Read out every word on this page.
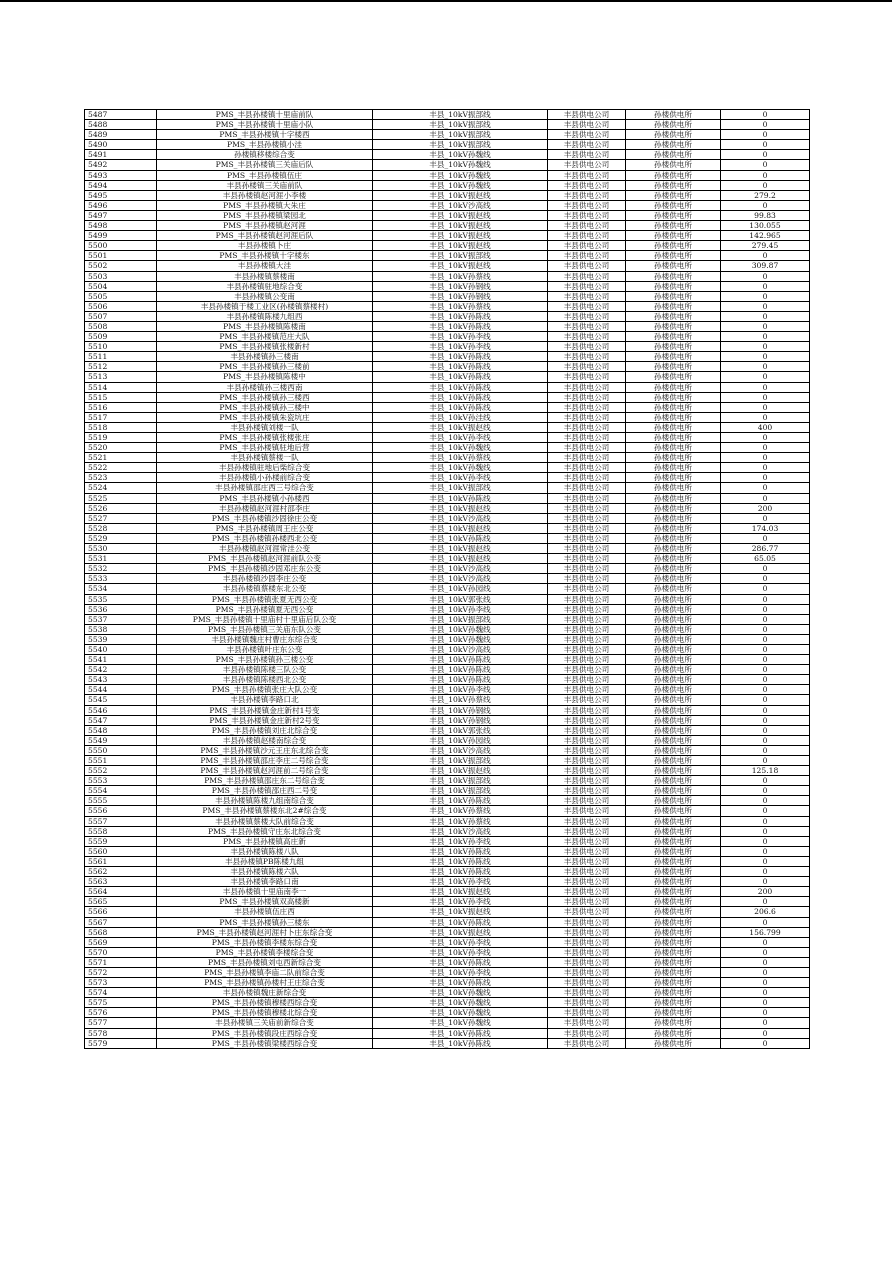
5487	PMS_丰县孙楼镇十里庙前队	丰县_10kV振部线	丰县供电公司	孙楼供电所	0
5488	PMS_丰县孙楼镇十里庙小队	丰县_10kV振部线	丰县供电公司	孙楼供电所	0
5489	PMS_丰县孙楼镇十字楼西	丰县_10kV振部线	丰县供电公司	孙楼供电所	0
5490	PMS_丰县孙楼镇小洼	丰县_10kV振部线	丰县供电公司	孙楼供电所	0
5491	孙楼镇移楼综合变	丰县_10kV孙魏线	丰县供电公司	孙楼供电所	0
5492	PMS_丰县孙楼镇三关庙后队	丰县_10kV孙魏线	丰县供电公司	孙楼供电所	0
5493	PMS_丰县孙楼镇伍庄	丰县_10kV孙魏线	丰县供电公司	孙楼供电所	0
5494	丰县孙楼镇三关庙前队	丰县_10kV孙魏线	丰县供电公司	孙楼供电所	0
5495	丰县孙楼镇赵河涯小李楼	丰县_10kV振赵线	丰县供电公司	孙楼供电所	279.2
5496	PMS_丰县孙楼镇大朱庄	丰县_10kV沙高线	丰县供电公司	孙楼供电所	0
5497	PMS_丰县孙楼镇梁园北	丰县_10kV振赵线	丰县供电公司	孙楼供电所	99.83
5498	PMS_丰县孙楼镇赵河涯	丰县_10kV振赵线	丰县供电公司	孙楼供电所	130.055
5499	PMS_丰县孙楼镇赵河涯后队	丰县_10kV振赵线	丰县供电公司	孙楼供电所	142.965
5500	丰县孙楼镇卜庄	丰县_10kV振赵线	丰县供电公司	孙楼供电所	279.45
5501	PMS_丰县孙楼镇十字楼东	丰县_10kV振部线	丰县供电公司	孙楼供电所	0
5502	丰县孙楼镇大洼	丰县_10kV振赵线	丰县供电公司	孙楼供电所	309.87
5503	丰县孙楼镇蔡楼南	丰县_10kV孙蔡线	丰县供电公司	孙楼供电所	0
5504	丰县孙楼镇驻地综合变	丰县_10kV孙钢线	丰县供电公司	孙楼供电所	0
5505	丰县孙楼镇公变南	丰县_10kV孙钢线	丰县供电公司	孙楼供电所	0
5506	丰县孙楼镇于楼工业区(孙楼镇蔡楼村)	丰县_10kV孙蔡线	丰县供电公司	孙楼供电所	0
5507	丰县孙楼镇陈楼九组西	丰县_10kV孙陈线	丰县供电公司	孙楼供电所	0
5508	PMS_丰县孙楼镇陈楼南	丰县_10kV孙陈线	丰县供电公司	孙楼供电所	0
5509	PMS_丰县孙楼镇范庄大队	丰县_10kV孙李线	丰县供电公司	孙楼供电所	0
5510	PMS_丰县孙楼镇张楼新村	丰县_10kV孙李线	丰县供电公司	孙楼供电所	0
5511	丰县孙楼镇孙三楼南	丰县_10kV孙陈线	丰县供电公司	孙楼供电所	0
5512	PMS_丰县孙楼镇孙三楼前	丰县_10kV孙陈线	丰县供电公司	孙楼供电所	0
5513	PMS_丰县孙楼镇陈楼中	丰县_10kV孙陈线	丰县供电公司	孙楼供电所	0
5514	丰县孙楼镇孙三楼西南	丰县_10kV孙陈线	丰县供电公司	孙楼供电所	0
5515	PMS_丰县孙楼镇孙三楼西	丰县_10kV孙陈线	丰县供电公司	孙楼供电所	0
5516	PMS_丰县孙楼镇孙三楼中	丰县_10kV孙陈线	丰县供电公司	孙楼供电所	0
5517	PMS_丰县孙楼镇朱瓷坑庄	丰县_10kV孙洼线	丰县供电公司	孙楼供电所	0
5518	丰县孙楼镇刘楼一队	丰县_10kV振赵线	丰县供电公司	孙楼供电所	400
5519	PMS_丰县孙楼镇张楼张庄	丰县_10kV孙李线	丰县供电公司	孙楼供电所	0
5520	PMS_丰县孙楼镇驻地后营	丰县_10kV孙魏线	丰县供电公司	孙楼供电所	0
5521	丰县孙楼镇蔡楼一队	丰县_10kV孙蔡线	丰县供电公司	孙楼供电所	0
5522	丰县孙楼镇驻地后柴综合变	丰县_10kV孙魏线	丰县供电公司	孙楼供电所	0
5523	丰县孙楼镇小孙楼前综合变	丰县_10kV孙李线	丰县供电公司	孙楼供电所	0
5524	丰县孙楼镇邵庄西三号综合变	丰县_10kV振部线	丰县供电公司	孙楼供电所	0
5525	PMS_丰县孙楼镇小孙楼西	丰县_10kV孙陈线	丰县供电公司	孙楼供电所	0
5526	丰县孙楼镇赵河涯村邵李庄	丰县_10kV振赵线	丰县供电公司	孙楼供电所	200
5527	PMS_丰县孙楼镇沙固徐庄公变	丰县_10kV沙高线	丰县供电公司	孙楼供电所	0
5528	PMS_丰县孙楼镇周王庄公变	丰县_10kV振赵线	丰县供电公司	孙楼供电所	174.03
5529	PMS_丰县孙楼镇孙楼西北公变	丰县_10kV孙陈线	丰县供电公司	孙楼供电所	0
5530	丰县孙楼镇赵河涯常洼公变	丰县_10kV振赵线	丰县供电公司	孙楼供电所	286.77
5531	PMS_丰县孙楼镇赵河涯前队公变	丰县_10kV振赵线	丰县供电公司	孙楼供电所	65.05
5532	PMS_丰县孙楼镇沙固邓庄东公变	丰县_10kV沙高线	丰县供电公司	孙楼供电所	0
5533	丰县孙楼镇沙固李庄公变	丰县_10kV沙高线	丰县供电公司	孙楼供电所	0
5534	丰县孙楼镇蔡楼东北公变	丰县_10kV孙园线	丰县供电公司	孙楼供电所	0
5535	PMS_丰县孙楼镇张夏无西公变	丰县_10kV郭张线	丰县供电公司	孙楼供电所	0
5536	PMS_丰县孙楼镇夏无西公变	丰县_10kV孙李线	丰县供电公司	孙楼供电所	0
5537	PMS_丰县孙楼镇十里庙村十里庙后队公变	丰县_10kV振部线	丰县供电公司	孙楼供电所	0
5538	PMS_丰县孙楼镇三关庙东队公变	丰县_10kV孙魏线	丰县供电公司	孙楼供电所	0
5539	丰县孙楼镇魏庄村曹庄东综合变	丰县_10kV孙魏线	丰县供电公司	孙楼供电所	0
5540	丰县孙楼镇叶庄东公变	丰县_10kV沙高线	丰县供电公司	孙楼供电所	0
5541	PMS_丰县孙楼镇孙三楼公变	丰县_10kV孙陈线	丰县供电公司	孙楼供电所	0
5542	丰县孙楼镇陈楼三队公变	丰县_10kV孙陈线	丰县供电公司	孙楼供电所	0
5543	丰县孙楼镇陈楼西北公变	丰县_10kV孙陈线	丰县供电公司	孙楼供电所	0
5544	PMS_丰县孙楼镇张庄大队公变	丰县_10kV孙李线	丰县供电公司	孙楼供电所	0
5545	丰县孙楼镇李路口北	丰县_10kV孙蔡线	丰县供电公司	孙楼供电所	0
5546	PMS_丰县孙楼镇金庄新村1号变	丰县_10kV孙钢线	丰县供电公司	孙楼供电所	0
5547	PMS_丰县孙楼镇金庄新村2号变	丰县_10kV孙钢线	丰县供电公司	孙楼供电所	0
5548	PMS_丰县孙楼镇刘庄北综合变	丰县_10kV郭张线	丰县供电公司	孙楼供电所	0
5549	丰县孙楼镇赵楼南综合变	丰县_10kV孙园线	丰县供电公司	孙楼供电所	0
5550	PMS_丰县孙楼镇沙元王庄东北综合变	丰县_10kV沙高线	丰县供电公司	孙楼供电所	0
5551	PMS_丰县孙楼镇邵庄李庄二号综合变	丰县_10kV振部线	丰县供电公司	孙楼供电所	0
5552	PMS_丰县孙楼镇赵河涯前二号综合变	丰县_10kV振赵线	丰县供电公司	孙楼供电所	125.18
5553	PMS_丰县孙楼镇邵庄东二号综合变	丰县_10kV振部线	丰县供电公司	孙楼供电所	0
5554	PMS_丰县孙楼镇邵庄西二号变	丰县_10kV振部线	丰县供电公司	孙楼供电所	0
5555	丰县孙楼镇陈楼九组南综合变	丰县_10kV孙陈线	丰县供电公司	孙楼供电所	0
5556	PMS_丰县孙楼镇蔡楼东北2#综合变	丰县_10kV孙蔡线	丰县供电公司	孙楼供电所	0
5557	丰县孙楼镇蔡楼大队前综合变	丰县_10kV孙蔡线	丰县供电公司	孙楼供电所	0
5558	PMS_丰县孙楼镇守庄东北综合变	丰县_10kV沙高线	丰县供电公司	孙楼供电所	0
5559	PMS_丰县孙楼镇高庄新	丰县_10kV孙李线	丰县供电公司	孙楼供电所	0
5560	丰县孙楼镇陈楼八队	丰县_10kV孙陈线	丰县供电公司	孙楼供电所	0
5561	丰县孙楼镇PB陈楼九组	丰县_10kV孙陈线	丰县供电公司	孙楼供电所	0
5562	丰县孙楼镇陈楼六队	丰县_10kV孙陈线	丰县供电公司	孙楼供电所	0
5563	丰县孙楼镇李路口南	丰县_10kV孙李线	丰县供电公司	孙楼供电所	0
5564	丰县孙楼镇十里庙南李一	丰县_10kV振赵线	丰县供电公司	孙楼供电所	200
5565	PMS_丰县孙楼镇双高楼新	丰县_10kV孙李线	丰县供电公司	孙楼供电所	0
5566	丰县孙楼镇伍庄西	丰县_10kV振赵线	丰县供电公司	孙楼供电所	206.6
5567	PMS_丰县孙楼镇孙三楼东	丰县_10kV孙陈线	丰县供电公司	孙楼供电所	0
5568	PMS_丰县孙楼镇赵河涯村卜庄东综合变	丰县_10kV振赵线	丰县供电公司	孙楼供电所	156.799
5569	PMS_丰县孙楼镇李楼东综合变	丰县_10kV孙李线	丰县供电公司	孙楼供电所	0
5570	PMS_丰县孙楼镇李楼综合变	丰县_10kV孙李线	丰县供电公司	孙楼供电所	0
5571	PMS_丰县孙楼镇刘屯西新综合变	丰县_10kV孙陈线	丰县供电公司	孙楼供电所	0
5572	PMS_丰县孙楼镇李庙二队前综合变	丰县_10kV孙李线	丰县供电公司	孙楼供电所	0
5573	PMS_丰县孙楼镇孙楼村王庄综合变	丰县_10kV孙陈线	丰县供电公司	孙楼供电所	0
5574	丰县孙楼镇魏庄新综合变	丰县_10kV孙魏线	丰县供电公司	孙楼供电所	0
5575	PMS_丰县孙楼镇穆楼西综合变	丰县_10kV孙魏线	丰县供电公司	孙楼供电所	0
5576	PMS_丰县孙楼镇穆楼北综合变	丰县_10kV孙魏线	丰县供电公司	孙楼供电所	0
5577	丰县孙楼镇三关庙前新综合变	丰县_10kV孙魏线	丰县供电公司	孙楼供电所	0
5578	PMS_丰县孙楼镇段庄西综合变	丰县_10kV孙陈线	丰县供电公司	孙楼供电所	0
5579	PMS_丰县孙楼镇梁楼西综合变	丰县_10kV孙陈线	丰县供电公司	孙楼供电所	0
